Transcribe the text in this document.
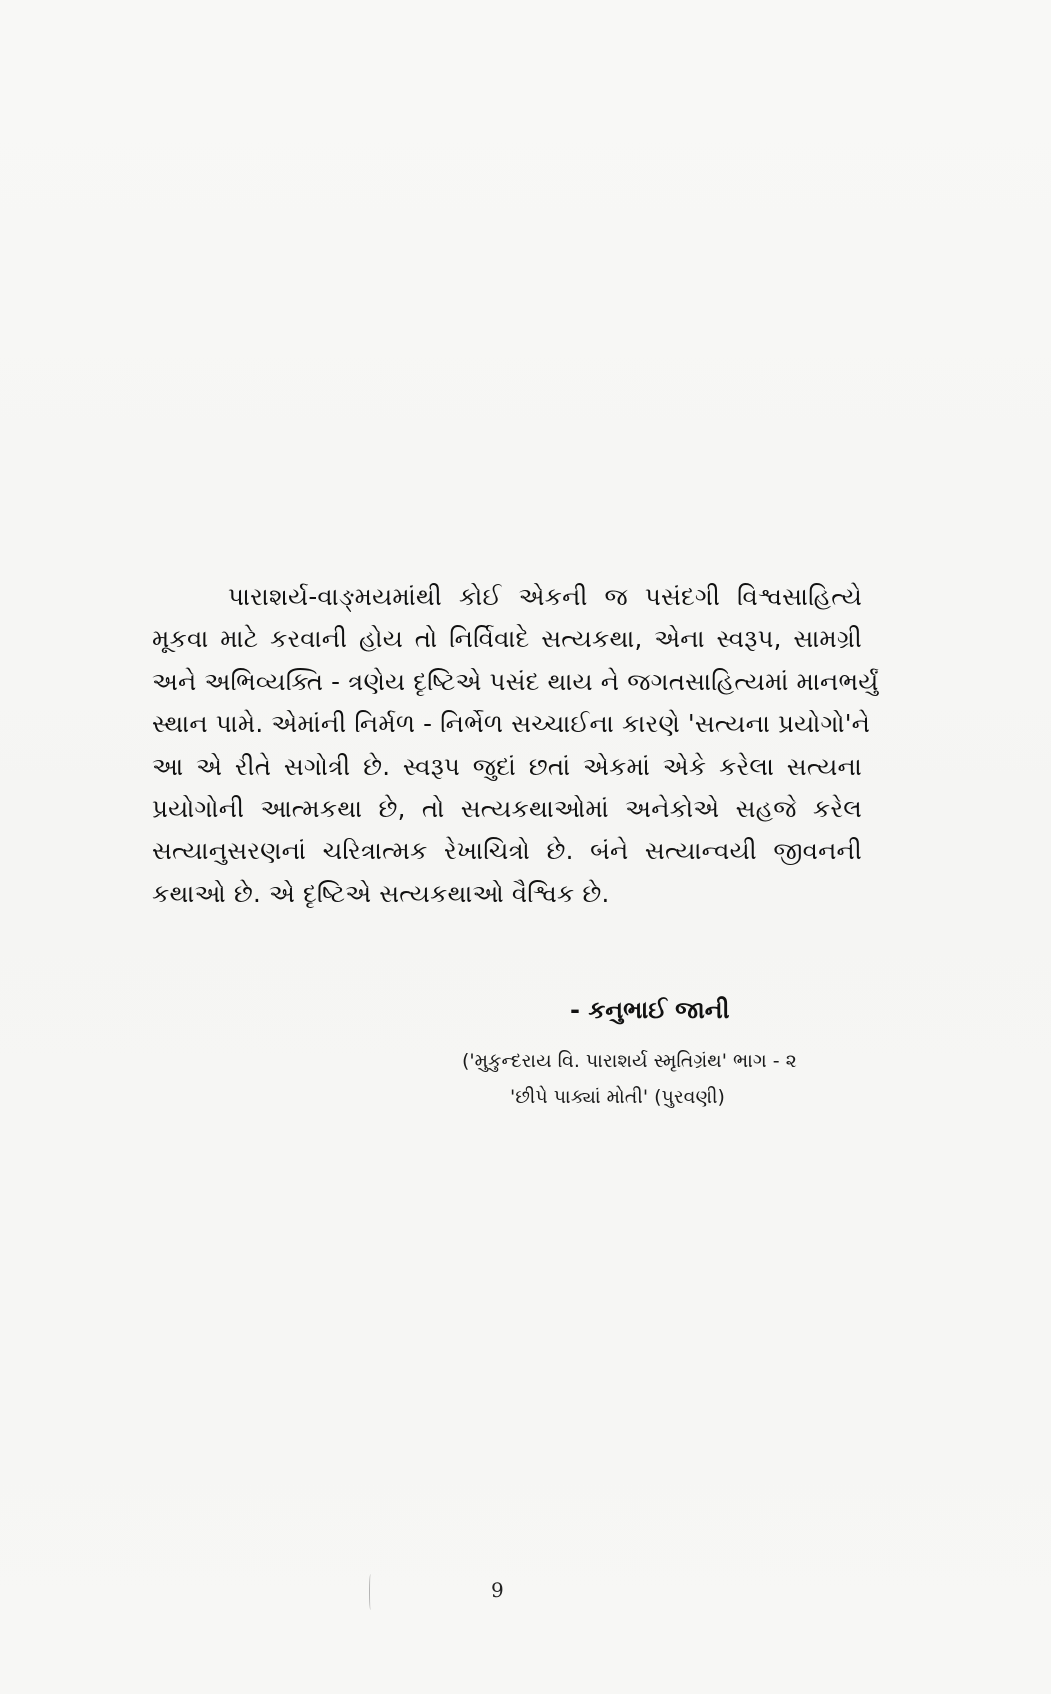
પારાશર્ય-વાઙ્મયમાંથી કોઈ એકની જ પસંદગી વિશ્વસાહિત્યે
મૂકવા માટે કરવાની હોય તો નિર્વિવાદે સત્યકથા, એના સ્વરૂપ, સામગ્રી
અને અભિવ્યક્તિ - ત્રણેય દૃષ્ટિએ પસંદ થાય ને જગતસાહિત્યમાં માનભર્યું
સ્થાન પામે. એમાંની નિર્મળ - નિર્ભેળ સચ્ચાઈના કારણે 'સત્યના પ્રયોગો'ને
આ એ રીતે સગોત્રી છે. સ્વરૂપ જુદાં છતાં એકમાં એકે કરેલા સત્યના
પ્રયોગોની આત્મકથા છે, તો સત્યકથાઓમાં અનેકોએ સહજે કરેલ
સત્યાનુસરણનાં ચરિત્રાત્મક રેખાચિત્રો છે. બંને સત્યાન્વયી જીવનની
કથાઓ છે. એ દૃષ્ટિએ સત્યકથાઓ વૈશ્વિક છે.
- કનુભાઈ જાની
('મુકુન્દરાય વિ. પારાશર્ય સ્મૃતિગ્રંથ' ભાગ - ૨
'છીપે પાક્યાં મોતી' (પુરવણી)
9
